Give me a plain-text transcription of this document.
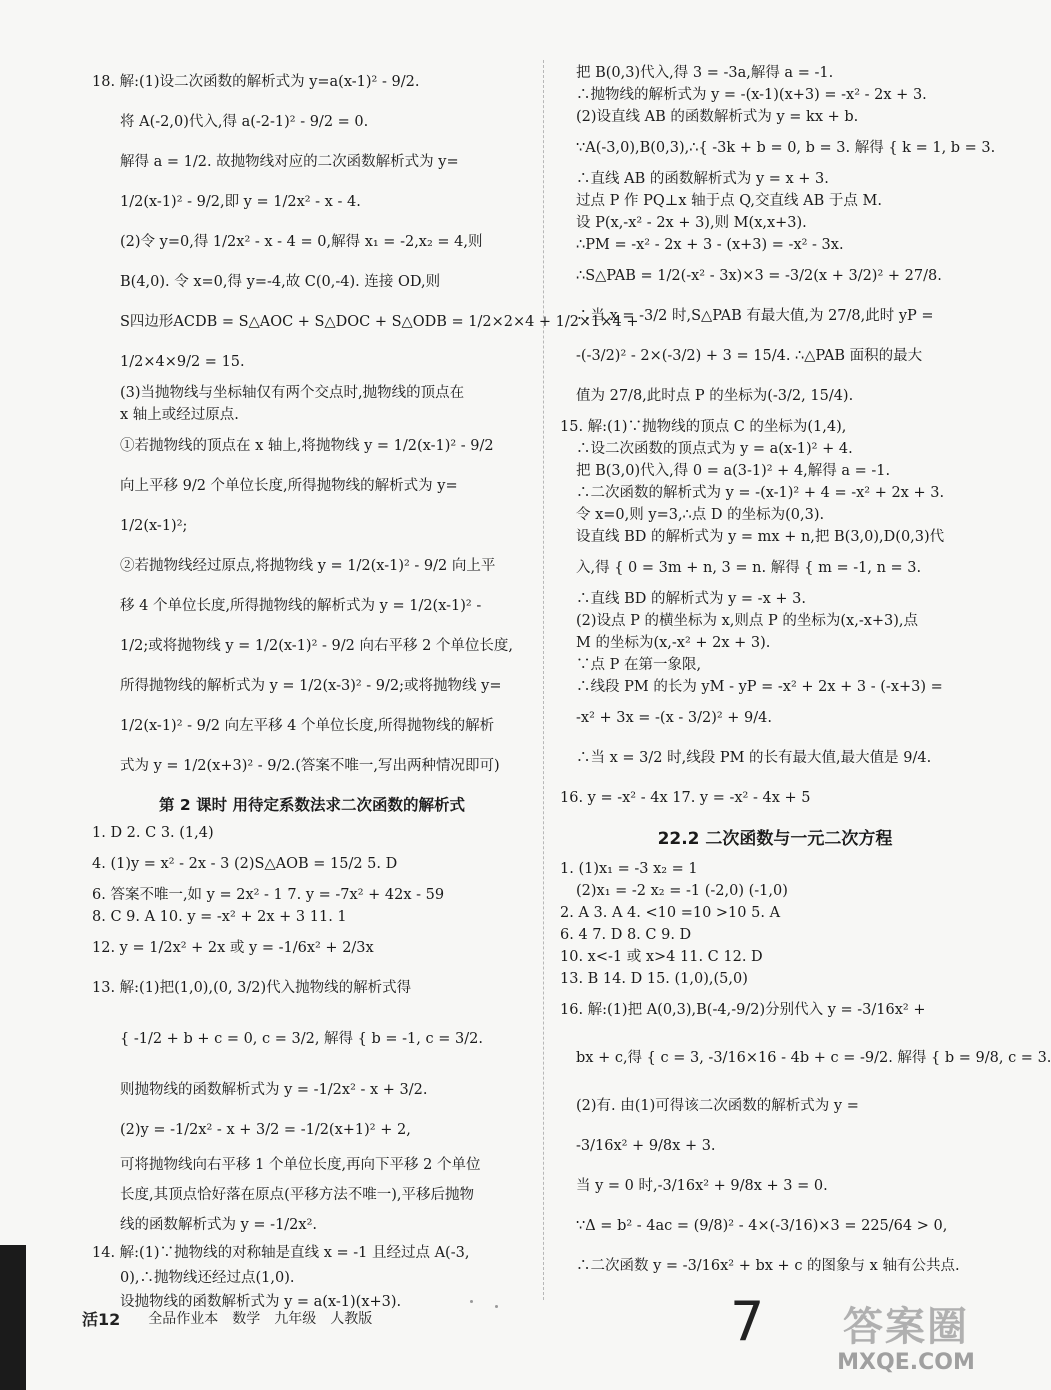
18. 解:(1)设二次函数的解析式为 y=a(x-1)² - 9/2.

将 A(-2,0)代入,得 a(-2-1)² - 9/2 = 0.

解得 a = 1/2. 故抛物线对应的二次函数解析式为 y=

1/2(x-1)² - 9/2,即 y = 1/2x² - x - 4.

(2)令 y=0,得 1/2x² - x - 4 = 0,解得 x₁ = -2,x₂ = 4,则

B(4,0). 令 x=0,得 y=-4,故 C(0,-4). 连接 OD,则

S四边形ACDB = S△AOC + S△DOC + S△ODB = 1/2×2×4 + 1/2×1×4 +

1/2×4×9/2 = 15.

(3)当抛物线与坐标轴仅有两个交点时,抛物线的顶点在

x 轴上或经过原点.

①若抛物线的顶点在 x 轴上,将抛物线 y = 1/2(x-1)² - 9/2

向上平移 9/2 个单位长度,所得抛物线的解析式为 y=

1/2(x-1)²;

②若抛物线经过原点,将抛物线 y = 1/2(x-1)² - 9/2 向上平

移 4 个单位长度,所得抛物线的解析式为 y = 1/2(x-1)² -

1/2;或将抛物线 y = 1/2(x-1)² - 9/2 向右平移 2 个单位长度,

所得抛物线的解析式为 y = 1/2(x-3)² - 9/2;或将抛物线 y=

1/2(x-1)² - 9/2 向左平移 4 个单位长度,所得抛物线的解析

式为 y = 1/2(x+3)² - 9/2.(答案不唯一,写出两种情况即可)

第 2 课时 用待定系数法求二次函数的解析式

1. D 2. C 3. (1,4)

4. (1)y = x² - 2x - 3 (2)S△AOB = 15/2 5. D

6. 答案不唯一,如 y = 2x² - 1 7. y = -7x² + 42x - 59

8. C 9. A 10. y = -x² + 2x + 3 11. 1

12. y = 1/2x² + 2x 或 y = -1/6x² + 2/3x

13. 解:(1)把(1,0),(0, 3/2)代入抛物线的解析式得

{ -1/2 + b + c = 0, c = 3/2, 解得 { b = -1, c = 3/2.

则抛物线的函数解析式为 y = -1/2x² - x + 3/2.

(2)y = -1/2x² - x + 3/2 = -1/2(x+1)² + 2,

可将抛物线向右平移 1 个单位长度,再向下平移 2 个单位

长度,其顶点恰好落在原点(平移方法不唯一),平移后抛物

线的函数解析式为 y = -1/2x².

14. 解:(1)∵抛物线的对称轴是直线 x = -1 且经过点 A(-3,

0),∴抛物线还经过点(1,0).

设抛物线的函数解析式为 y = a(x-1)(x+3).

把 B(0,3)代入,得 3 = -3a,解得 a = -1.

∴抛物线的解析式为 y = -(x-1)(x+3) = -x² - 2x + 3.

(2)设直线 AB 的函数解析式为 y = kx + b.

∵A(-3,0),B(0,3),∴{ -3k + b = 0, b = 3. 解得 { k = 1, b = 3.

∴直线 AB 的函数解析式为 y = x + 3.

过点 P 作 PQ⊥x 轴于点 Q,交直线 AB 于点 M.

设 P(x,-x² - 2x + 3),则 M(x,x+3).

∴PM = -x² - 2x + 3 - (x+3) = -x² - 3x.

∴S△PAB = 1/2(-x² - 3x)×3 = -3/2(x + 3/2)² + 27/8.

∴当 x = -3/2 时,S△PAB 有最大值,为 27/8,此时 yP =

-(-3/2)² - 2×(-3/2) + 3 = 15/4. ∴△PAB 面积的最大

值为 27/8,此时点 P 的坐标为(-3/2, 15/4).

15. 解:(1)∵抛物线的顶点 C 的坐标为(1,4),

∴设二次函数的顶点式为 y = a(x-1)² + 4.

把 B(3,0)代入,得 0 = a(3-1)² + 4,解得 a = -1.

∴二次函数的解析式为 y = -(x-1)² + 4 = -x² + 2x + 3.

令 x=0,则 y=3,∴点 D 的坐标为(0,3).

设直线 BD 的解析式为 y = mx + n,把 B(3,0),D(0,3)代

入,得 { 0 = 3m + n, 3 = n. 解得 { m = -1, n = 3.

∴直线 BD 的解析式为 y = -x + 3.

(2)设点 P 的横坐标为 x,则点 P 的坐标为(x,-x+3),点

M 的坐标为(x,-x² + 2x + 3).

∵点 P 在第一象限,

∴线段 PM 的长为 yM - yP = -x² + 2x + 3 - (-x+3) =

-x² + 3x = -(x - 3/2)² + 9/4.

∴当 x = 3/2 时,线段 PM 的长有最大值,最大值是 9/4.

16. y = -x² - 4x 17. y = -x² - 4x + 5

22.2 二次函数与一元二次方程

1. (1)x₁ = -3 x₂ = 1

(2)x₁ = -2 x₂ = -1 (-2,0) (-1,0)

2. A 3. A 4. <10 =10 >10 5. A

6. 4 7. D 8. C 9. D

10. x<-1 或 x>4 11. C 12. D

13. B 14. D 15. (1,0),(5,0)

16. 解:(1)把 A(0,3),B(-4,-9/2)分别代入 y = -3/16x² +

bx + c,得 { c = 3, -3/16×16 - 4b + c = -9/2. 解得 { b = 9/8, c = 3.

(2)有. 由(1)可得该二次函数的解析式为 y =

-3/16x² + 9/8x + 3.

当 y = 0 时,-3/16x² + 9/8x + 3 = 0.

∵Δ = b² - 4ac = (9/8)² - 4×(-3/16)×3 = 225/64 > 0,

∴二次函数 y = -3/16x² + bx + c 的图象与 x 轴有公共点.

活12 全品作业本 数学 九年级 人教版	7	答案圈
MXQE.COM
